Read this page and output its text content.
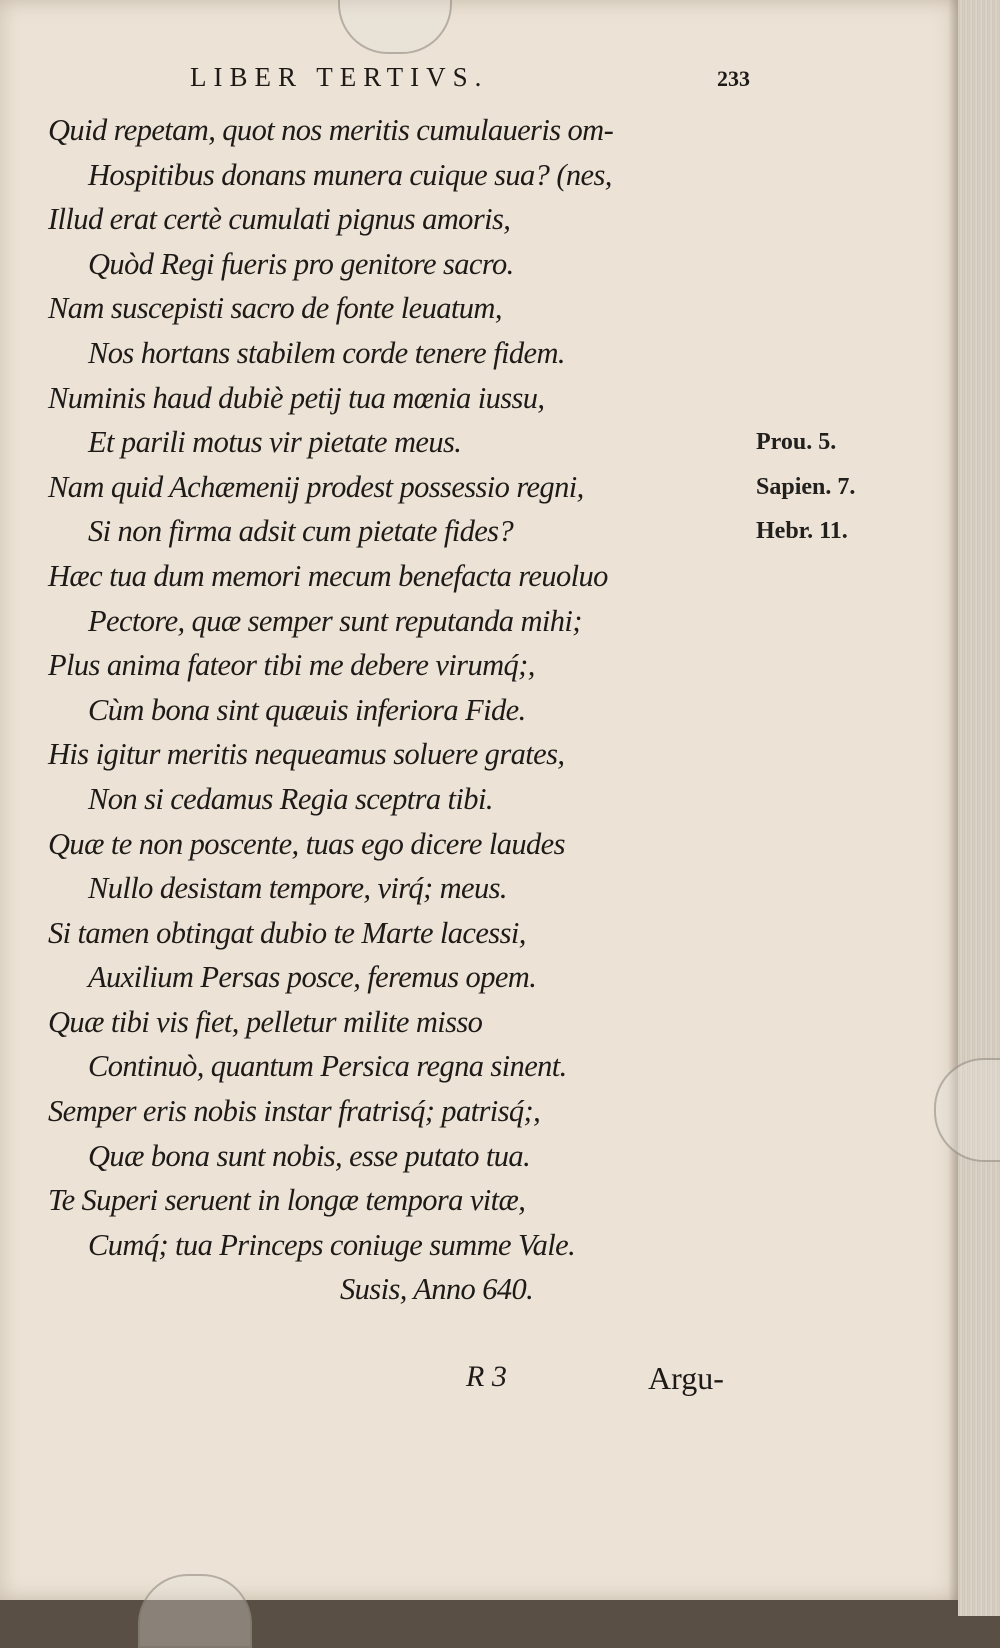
LIBER TERTIVS.	233
Quid repetam, quot nos meritis cumulaueris om-
Hospitibus donans munera cuique sua? (nes,
Illud erat certè cumulati pignus amoris,
Quòd Regi fueris pro genitore sacro.
Nam suscepisti sacro de fonte leuatum,
Nos hortans stabilem corde tenere fidem.
Numinis haud dubiè petij tua mœnia iussu,
Et parili motus vir pietate meus.
Nam quid Achæmenij prodest possessio regni,
Si non firma adsit cum pietate fides?
Hæc tua dum memori mecum benefacta reuoluo
Pectore, quæ semper sunt reputanda mihi;
Plus anima fateor tibi me debere virumq́;,
Cùm bona sint quæuis inferiora Fide.
His igitur meritis nequeamus soluere grates,
Non si cedamus Regia sceptra tibi.
Quæ te non poscente, tuas ego dicere laudes
Nullo desistam tempore, virq́; meus.
Si tamen obtingat dubio te Marte lacessi,
Auxilium Persas posce, feremus opem.
Quæ tibi vis fiet, pelletur milite misso
Continuò, quantum Persica regna sinent.
Semper eris nobis instar fratrisq́; patrisq́;,
Quæ bona sunt nobis, esse putato tua.
Te Superi seruent in longæ tempora vitæ,
Cumq́; tua Princeps coniuge summe Vale.
Susis, Anno 640.
Prou. 5.
Sapien. 7.
Hebr. 11.
R 3	Argu-
